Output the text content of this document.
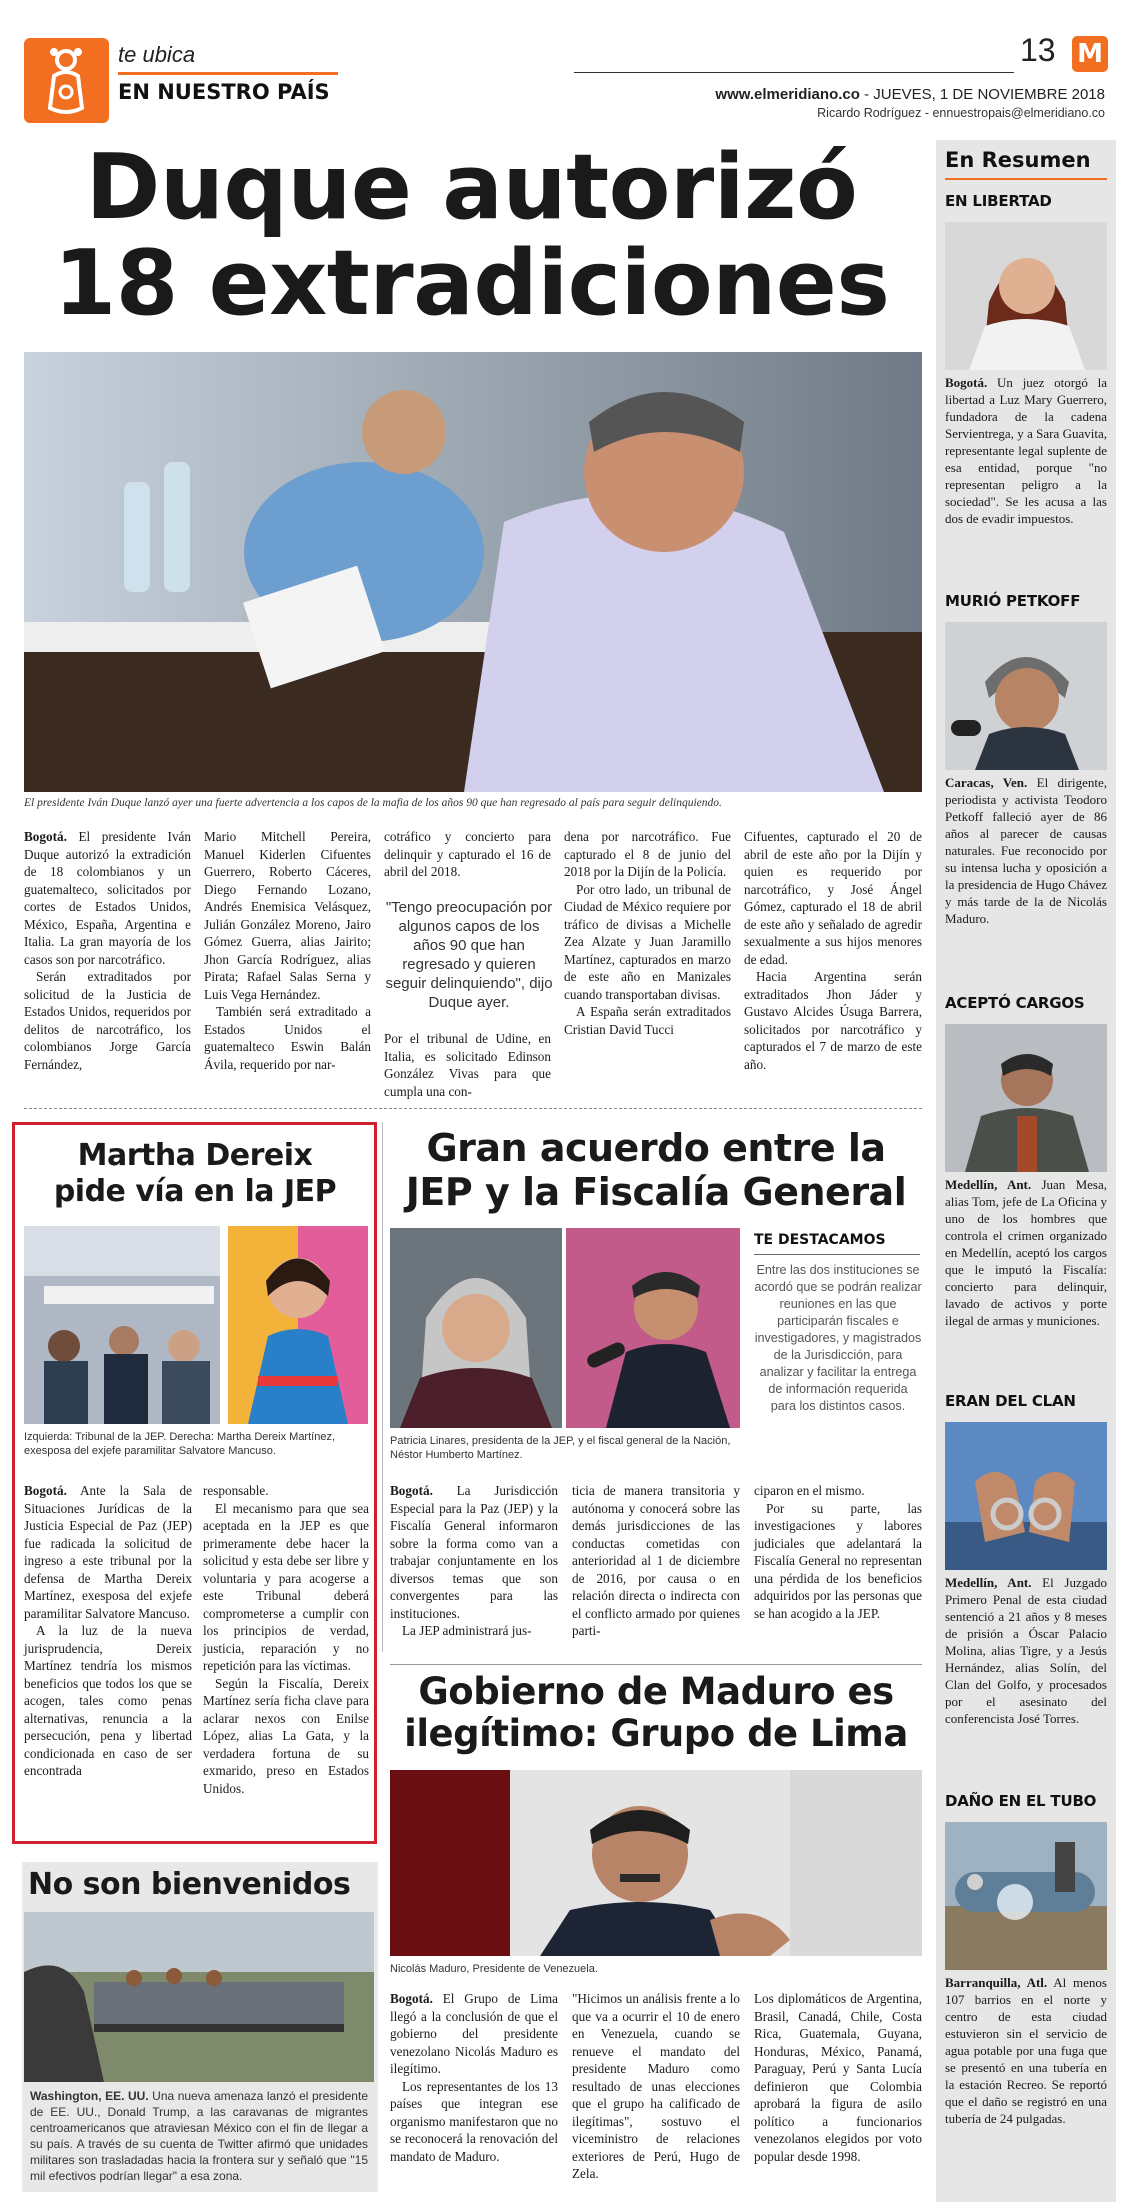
te ubica
EN NUESTRO PAÍS
13 M
www.elmeridiano.co - JUEVES, 1 DE NOVIEMBRE 2018
Ricardo Rodríguez - ennuestropais@elmeridiano.co
Duque autorizó
18 extradiciones
El presidente Iván Duque lanzó ayer una fuerte advertencia a los capos de la mafia de los años 90 que han regresado al país para seguir delinquiendo.

Bogotá. El presidente Iván Duque autorizó la extradición de 18 colombianos y un guatemalteco, solicitados por cortes de Estados Unidos, México, España, Argentina e Italia. La gran mayoría de los casos son por narcotráfico.

Serán extraditados por solicitud de la Justicia de Estados Unidos, requeridos por delitos de narcotráfico, los colombianos Jorge García Fernández,

Mario Mitchell Pereira, Manuel Kiderlen Cifuentes Guerrero, Roberto Cáceres, Diego Fernando Lozano, Andrés Enemisica Velásquez, Julián González Moreno, Jairo Gómez Guerra, alias Jairito; Jhon García Rodríguez, alias Pirata; Rafael Salas Serna y Luis Vega Hernández.

También será extraditado a Estados Unidos el guatemalteco Eswin Balán Ávila, requerido por nar-

cotráfico y concierto para delinquir y capturado el 16 de abril del 2018.

"Tengo preocupación por algunos capos de los años 90 que han regresado y quieren seguir delinquiendo", dijo Duque ayer.

Por el tribunal de Udine, en Italia, es solicitado Edinson González Vivas para que cumpla una con-

dena por narcotráfico. Fue capturado el 8 de junio del 2018 por la Dijín de la Policía.

Por otro lado, un tribunal de Ciudad de México requiere por tráfico de divisas a Michelle Zea Alzate y Juan Jaramillo Martínez, capturados en marzo de este año en Manizales cuando transportaban divisas.

A España serán extraditados Cristian David Tucci

Cifuentes, capturado el 20 de abril de este año por la Dijín y quien es requerido por narcotráfico, y José Ángel Gómez, capturado el 18 de abril de este año y señalado de agredir sexualmente a sus hijos menores de edad.

Hacia Argentina serán extraditados Jhon Jáder y Gustavo Alcides Úsuga Barrera, solicitados por narcotráfico y capturados el 7 de marzo de este año.

Martha Dereix
pide vía en la JEP
Izquierda: Tribunal de la JEP. Derecha: Martha Dereix Martínez, exesposa del exjefe paramilitar Salvatore Mancuso.

Bogotá. Ante la Sala de Situaciones Jurídicas de la Justicia Especial de Paz (JEP) fue radicada la solicitud de ingreso a este tribunal por la defensa de Martha Dereix Martínez, exesposa del exjefe paramilitar Salvatore Mancuso.

A la luz de la nueva jurisprudencia, Dereix Martínez tendría los mismos beneficios que todos los que se acogen, tales como penas alternativas, renuncia a la persecución, pena y libertad condicionada en caso de ser encontrada

responsable.

El mecanismo para que sea aceptada en la JEP es que primeramente debe hacer la solicitud y esta debe ser libre y voluntaria y para acogerse a este Tribunal deberá comprometerse a cumplir con los principios de verdad, justicia, reparación y no repetición para las víctimas.

Según la Fiscalía, Dereix Martínez sería ficha clave para aclarar nexos con Enilse López, alias La Gata, y la verdadera fortuna de su exmarido, preso en Estados Unidos.

Gran acuerdo entre la
JEP y la Fiscalía General
Patricia Linares, presidenta de la JEP, y el fiscal general de la Nación, Néstor Humberto Martínez.
TE DESTACAMOS
Entre las dos instituciones se acordó que se podrán realizar reuniones en las que participarán fiscales e investigadores, y magistrados de la Jurisdicción, para analizar y facilitar la entrega de información requerida para los distintos casos.

Bogotá. La Jurisdicción Especial para la Paz (JEP) y la Fiscalía General informaron sobre la forma como van a trabajar conjuntamente en los diversos temas que son convergentes para las instituciones.

La JEP administrará jus-

ticia de manera transitoria y autónoma y conocerá sobre las demás jurisdicciones de las conductas cometidas con anterioridad al 1 de diciembre de 2016, por causa o en relación directa o indirecta con el conflicto armado por quienes parti-

ciparon en el mismo.

Por su parte, las investigaciones y labores judiciales que adelantará la Fiscalía General no representan una pérdida de los beneficios adquiridos por las personas que se han acogido a la JEP.

Gobierno de Maduro es
ilegítimo: Grupo de Lima
Nicolás Maduro, Presidente de Venezuela.

Bogotá. El Grupo de Lima llegó a la conclusión de que el gobierno del presidente venezolano Nicolás Maduro es ilegítimo.

Los representantes de los 13 países que integran ese organismo manifestaron que no se reconocerá la renovación del mandato de Maduro.

"Hicimos un análisis frente a lo que va a ocurrir el 10 de enero en Venezuela, cuando se renueve el mandato del presidente Maduro como resultado de unas elecciones que el grupo ha calificado de ilegítimas", sostuvo el viceministro de relaciones exteriores de Perú, Hugo de Zela.

Los diplomáticos de Argentina, Brasil, Canadá, Chile, Costa Rica, Guatemala, Guyana, Honduras, México, Panamá, Paraguay, Perú y Santa Lucía definieron que Colombia aprobará la figura de asilo político a funcionarios venezolanos elegidos por voto popular desde 1998.

No son bienvenidos
Washington, EE. UU. Una nueva amenaza lanzó el presidente de EE. UU., Donald Trump, a las caravanas de migrantes centroamericanos que atraviesan México con el fin de llegar a su país. A través de su cuenta de Twitter afirmó que unidades militares son trasladadas hacia la frontera sur y señaló que "15 mil efectivos podrían llegar" a esa zona.
En Resumen
EN LIBERTAD
Bogotá. Un juez otorgó la libertad a Luz Mary Guerrero, fundadora de la cadena Servientrega, y a Sara Guavita, representante legal suplente de esa entidad, porque "no representan peligro a la sociedad". Se les acusa a las dos de evadir impuestos.
MURIÓ PETKOFF
Caracas, Ven. El dirigente, periodista y activista Teodoro Petkoff falleció ayer de 86 años al parecer de causas naturales. Fue reconocido por su intensa lucha y oposición a la presidencia de Hugo Chávez y más tarde de la de Nicolás Maduro.
ACEPTÓ CARGOS
Medellín, Ant. Juan Mesa, alias Tom, jefe de La Oficina y uno de los hombres que controla el crimen organizado en Medellín, aceptó los cargos que le imputó la Fiscalía: concierto para delinquir, lavado de activos y porte ilegal de armas y municiones.
ERAN DEL CLAN
Medellín, Ant. El Juzgado Primero Penal de esta ciudad sentenció a 21 años y 8 meses de prisión a Óscar Palacio Molina, alias Tigre, y a Jesús Hernández, alias Solín, del Clan del Golfo, y procesados por el asesinato del conferencista José Torres.
DAÑO EN EL TUBO
Barranquilla, Atl. Al menos 107 barrios en el norte y centro de esta ciudad estuvieron sin el servicio de agua potable por una fuga que se presentó en una tubería en la estación Recreo. Se reportó que el daño se registró en una tubería de 24 pulgadas.
